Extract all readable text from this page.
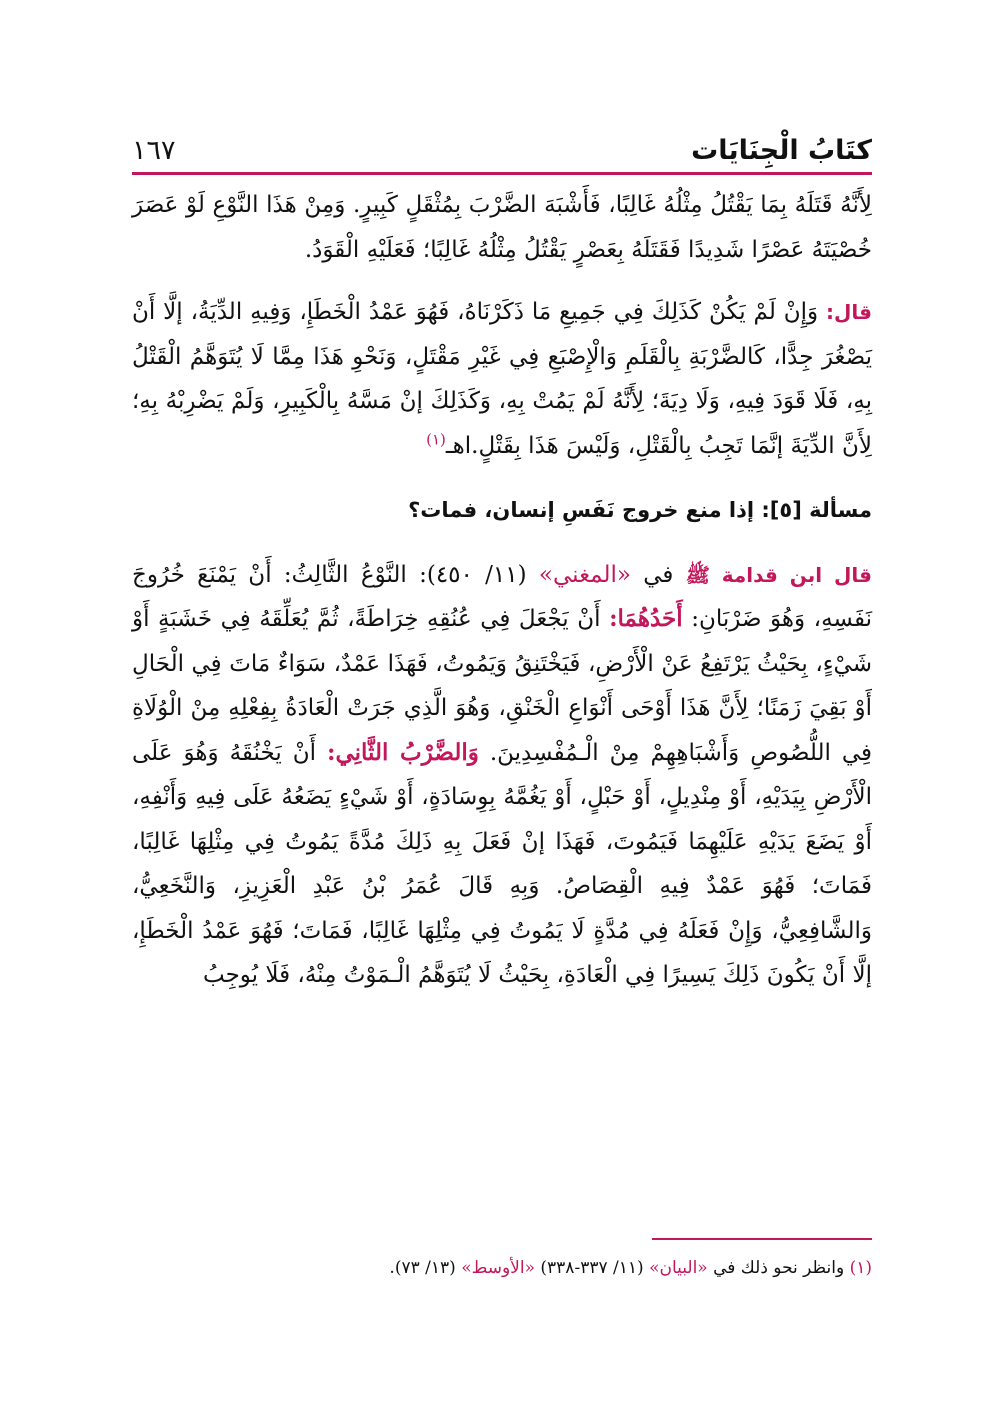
كتَابُ الْجِنَايَات
١٦٧

لِأَنَّهُ قَتَلَهُ بِمَا يَقْتُلُ مِثْلُهُ غَالِبًا، فَأَشْبَهَ الضَّرْبَ بِمُثْقَلٍ كَبِيرٍ. وَمِنْ هَذَا النَّوْعِ لَوْ عَصَرَ خُصْيَتَهُ عَصْرًا شَدِيدًا فَقَتَلَهُ بِعَصْرٍ يَقْتُلُ مِثْلُهُ غَالِبًا؛ فَعَلَيْهِ الْقَوَدُ.

قال: وَإِنْ لَمْ يَكُنْ كَذَلِكَ فِي جَمِيعِ مَا ذَكَرْنَاهُ، فَهُوَ عَمْدُ الْخَطَإِ، وَفِيهِ الدِّيَةُ، إلَّا أَنْ يَصْغُرَ جِدًّا، كَالضَّرْبَةِ بِالْقَلَمِ وَالْإِصْبَعِ فِي غَيْرِ مَقْتَلٍ، وَنَحْوِ هَذَا مِمَّا لَا يُتَوَهَّمُ الْقَتْلُ بِهِ، فَلَا قَوَدَ فِيهِ، وَلَا دِيَةَ؛ لِأَنَّهُ لَمْ يَمُتْ بِهِ، وَكَذَلِكَ إنْ مَسَّهُ بِالْكَبِيرِ، وَلَمْ يَضْرِبْهُ بِهِ؛ لِأَنَّ الدِّيَةَ إنَّمَا تَجِبُ بِالْقَتْلِ، وَلَيْسَ هَذَا بِقَتْلٍ.اهـ$^{(١)}$

مسألة [٥]: إذا منع خروج نَفَسِ إنسان، فمات؟

قال ابن قدامة ﷺ في «المغني» (١١/ ٤٥٠): النَّوْعُ الثَّالِثُ: أَنْ يَمْنَعَ خُرُوجَ نَفَسِهِ، وَهُوَ ضَرْبَانِ: أَحَدُهُمَا: أَنْ يَجْعَلَ فِي عُنُقِهِ خِرَاطَةً، ثُمَّ يُعَلِّقَهُ فِي خَشَبَةٍ أَوْ شَيْءٍ، بِحَيْثُ يَرْتَفِعُ عَنْ الْأَرْضِ، فَيَخْتَنِقُ وَيَمُوتُ، فَهَذَا عَمْدٌ، سَوَاءٌ مَاتَ فِي الْحَالِ أَوْ بَقِيَ زَمَنًا؛ لِأَنَّ هَذَا أَوْحَى أَنْوَاعِ الْخَنْقِ، وَهُوَ الَّذِي جَرَتْ الْعَادَةُ بِفِعْلِهِ مِنْ الْوُلَاةِ فِي اللُّصُوصِ وَأَشْبَاهِهِمْ مِنْ الْـمُفْسِدِينَ. وَالضَّرْبُ الثَّانِي: أَنْ يَخْنُقَهُ وَهُوَ عَلَى الْأَرْضِ بِيَدَيْهِ، أَوْ مِنْدِيلٍ، أَوْ حَبْلٍ، أَوْ يَغُمَّهُ بِوِسَادَةٍ، أَوْ شَيْءٍ يَضَعُهُ عَلَى فِيهِ وَأَنْفِهِ، أَوْ يَضَعَ يَدَيْهِ عَلَيْهِمَا فَيَمُوتَ، فَهَذَا إنْ فَعَلَ بِهِ ذَلِكَ مُدَّةً يَمُوتُ فِي مِثْلِهَا غَالِبًا، فَمَاتَ؛ فَهُوَ عَمْدٌ فِيهِ الْقِصَاصُ. وَبِهِ قَالَ عُمَرُ بْنُ عَبْدِ الْعَزِيزِ، وَالنَّخَعِيُّ، وَالشَّافِعِيُّ، وَإِنْ فَعَلَهُ فِي مُدَّةٍ لَا يَمُوتُ فِي مِثْلِهَا غَالِبًا، فَمَاتَ؛ فَهُوَ عَمْدُ الْخَطَإِ، إلَّا أَنْ يَكُونَ ذَلِكَ يَسِيرًا فِي الْعَادَةِ، بِحَيْثُ لَا يُتَوَهَّمُ الْـمَوْتُ مِنْهُ، فَلَا يُوجِبُ

(١) وانظر نحو ذلك في «البيان» (١١/ ٣٣٧-٣٣٨) «الأوسط» (١٣/ ٧٣).
